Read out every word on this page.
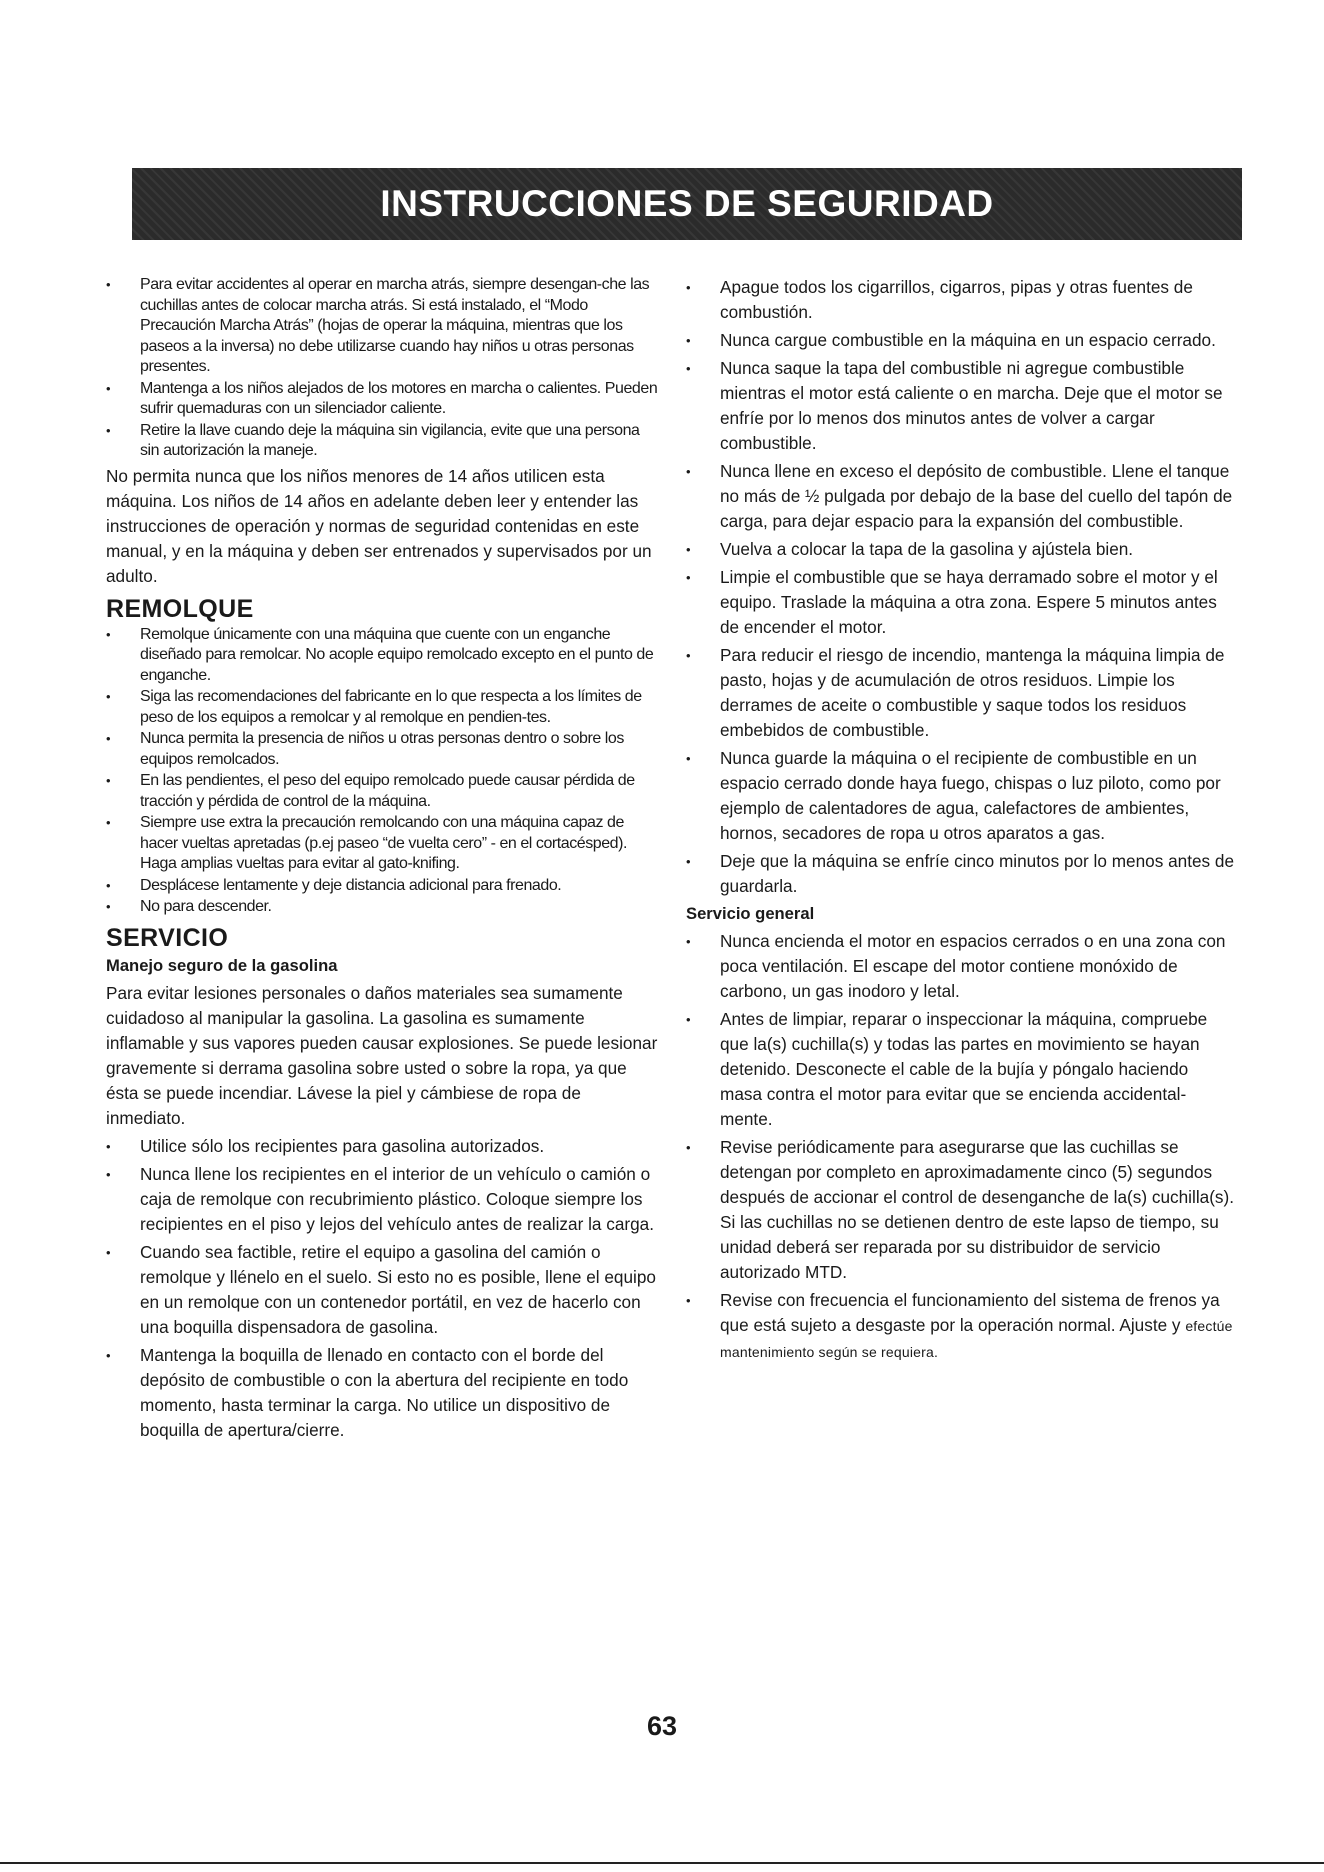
INSTRUCCIONES DE SEGURIDAD
• Para evitar accidentes al operar en marcha atrás, siempre desengan-che las cuchillas antes de colocar marcha atrás. Si está instalado, el “Modo Precaución Marcha Atrás” (hojas de operar la máquina, mientras que los paseos a la inversa) no debe utilizarse cuando hay niños u otras personas presentes.
• Mantenga a los niños alejados de los motores en marcha o calientes. Pueden sufrir quemaduras con un silenciador caliente.
• Retire la llave cuando deje la máquina sin vigilancia, evite que una persona sin autorización la maneje.

No permita nunca que los niños menores de 14 años utilicen esta máquina. Los niños de 14 años en adelante deben leer y entender las instrucciones de operación y normas de seguridad contenidas en este manual, y en la máquina y deben ser entrenados y supervisados por un adulto.

REMOLQUE
• Remolque únicamente con una máquina que cuente con un enganche diseñado para remolcar. No acople equipo remolcado excepto en el punto de enganche.
• Siga las recomendaciones del fabricante en lo que respecta a los límites de peso de los equipos a remolcar y al remolque en pendien-tes.
• Nunca permita la presencia de niños u otras personas dentro o sobre los equipos remolcados.
• En las pendientes, el peso del equipo remolcado puede causar pérdida de tracción y pérdida de control de la máquina.
• Siempre use extra la precaución remolcando con una máquina capaz de hacer vueltas apretadas (p.ej paseo “de vuelta cero” - en el cortacésped). Haga amplias vueltas para evitar al gato-knifing.
• Desplácese lentamente y deje distancia adicional para frenado.
• No para descender.
SERVICIO
Manejo seguro de la gasolina

Para evitar lesiones personales o daños materiales sea sumamente cuidadoso al manipular la gasolina. La gasolina es sumamente inflamable y sus vapores pueden causar explosiones. Se puede lesionar gravemente si derrama gasolina sobre usted o sobre la ropa, ya que ésta se puede incendiar. Lávese la piel y cámbiese de ropa de inmediato.

• Utilice sólo los recipientes para gasolina autorizados.
• Nunca llene los recipientes en el interior de un vehículo o camión o caja de remolque con recubrimiento plástico. Coloque siempre los recipientes en el piso y lejos del vehículo antes de realizar la carga.
• Cuando sea factible, retire el equipo a gasolina del camión o remolque y llénelo en el suelo. Si esto no es posible, llene el equipo en un remolque con un contenedor portátil, en vez de hacerlo con una boquilla dispensadora de gasolina.
• Mantenga la boquilla de llenado en contacto con el borde del depósito de combustible o con la abertura del recipiente en todo momento, hasta terminar la carga. No utilice un dispositivo de boquilla de apertura/cierre.
• Apague todos los cigarrillos, cigarros, pipas y otras fuentes de combustión.
• Nunca cargue combustible en la máquina en un espacio cerrado.
• Nunca saque la tapa del combustible ni agregue combustible mientras el motor está caliente o en marcha. Deje que el motor se enfríe por lo menos dos minutos antes de volver a cargar combustible.
• Nunca llene en exceso el depósito de combustible. Llene el tanque no más de ½ pulgada por debajo de la base del cuello del tapón de carga, para dejar espacio para la expansión del combustible.
• Vuelva a colocar la tapa de la gasolina y ajústela bien.
• Limpie el combustible que se haya derramado sobre el motor y el equipo. Traslade la máquina a otra zona. Espere 5 minutos antes de encender el motor.
• Para reducir el riesgo de incendio, mantenga la máquina limpia de pasto, hojas y de acumulación de otros residuos. Limpie los derrames de aceite o combustible y saque todos los residuos embebidos de combustible.
• Nunca guarde la máquina o el recipiente de combustible en un espacio cerrado donde haya fuego, chispas o luz piloto, como por ejemplo de calentadores de agua, calefactores de ambientes, hornos, secadores de ropa u otros aparatos a gas.
• Deje que la máquina se enfríe cinco minutos por lo menos antes de guardarla.
Servicio general
• Nunca encienda el motor en espacios cerrados o en una zona con poca ventilación. El escape del motor contiene monóxido de carbono, un gas inodoro y letal.
• Antes de limpiar, reparar o inspeccionar la máquina, compruebe que la(s) cuchilla(s) y todas las partes en movimiento se hayan detenido. Desconecte el cable de la bujía y póngalo haciendo masa contra el motor para evitar que se encienda accidental-mente.
• Revise periódicamente para asegurarse que las cuchillas se detengan por completo en aproximadamente cinco (5) segundos después de accionar el control de desenganche de la(s) cuchilla(s). Si las cuchillas no se detienen dentro de este lapso de tiempo, su unidad deberá ser reparada por su distribuidor de servicio autorizado MTD.
• Revise con frecuencia el funcionamiento del sistema de frenos ya que está sujeto a desgaste por la operación normal. Ajuste y efectúe mantenimiento según se requiera.
63
